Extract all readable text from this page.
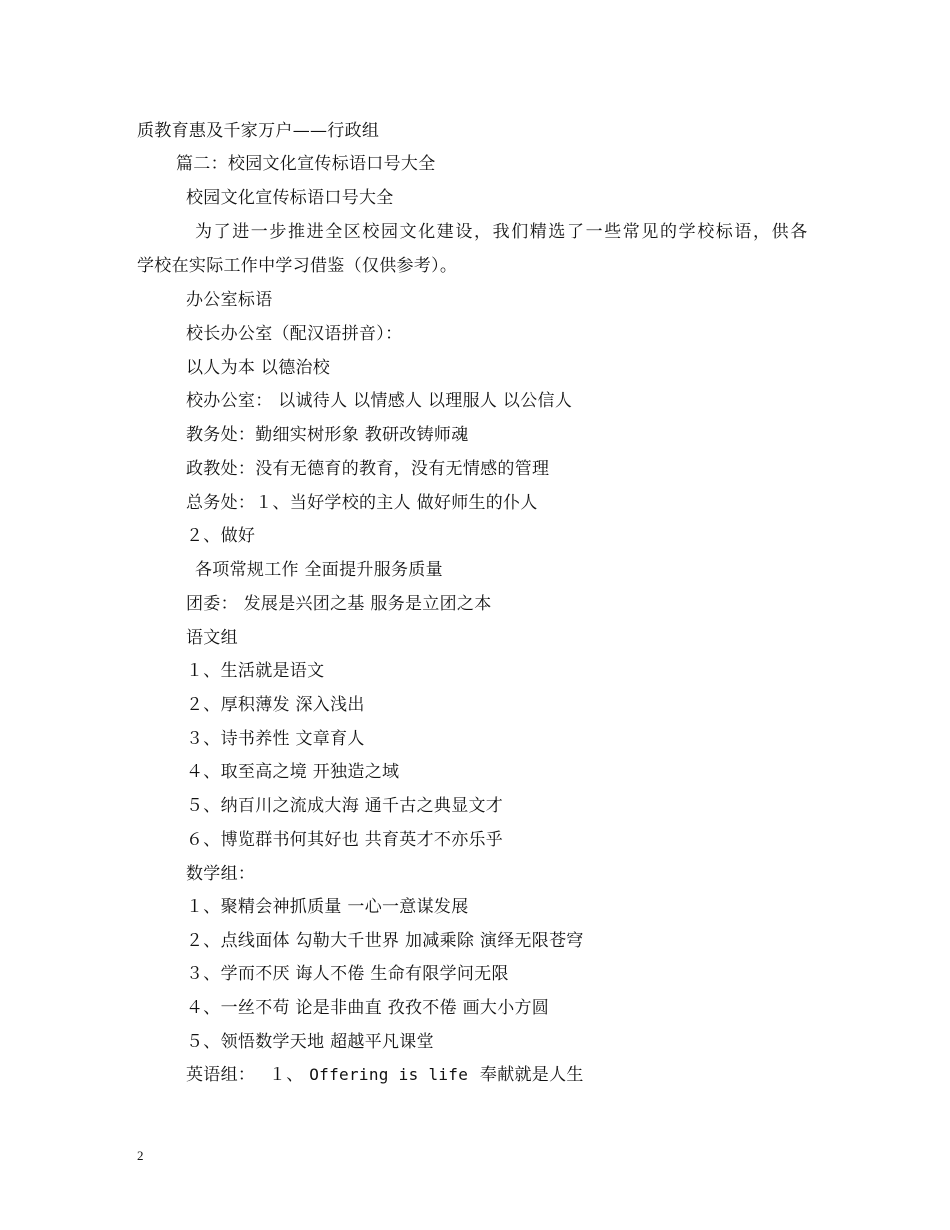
质教育惠及千家万户——行政组
篇二：校园文化宣传标语口号大全
校园文化宣传标语口号大全
为了进一步推进全区校园文化建设，我们精选了一些常见的学校标语，供各
学校在实际工作中学习借鉴（仅供参考）。
办公室标语
校长办公室（配汉语拼音）：
以人为本 以德治校
校办公室： 以诚待人 以情感人 以理服人 以公信人
教务处：勤细实树形象 教研改铸师魂
政教处：没有无德育的教育，没有无情感的管理
总务处：１、当好学校的主人 做好师生的仆人
２、做好
各项常规工作 全面提升服务质量
团委： 发展是兴团之基 服务是立团之本
语文组
１、生活就是语文
２、厚积薄发 深入浅出
３、诗书养性 文章育人
４、取至高之境 开独造之域
５、纳百川之流成大海 通千古之典显文才
６、博览群书何其好也 共育英才不亦乐乎
数学组：
１、聚精会神抓质量 一心一意谋发展
２、点线面体 勾勒大千世界 加减乘除 演绎无限苍穹
３、学而不厌 诲人不倦 生命有限学问无限
４、一丝不苟 论是非曲直 孜孜不倦 画大小方圆
５、领悟数学天地 超越平凡课堂
英语组： １、 Offering is life 奉献就是人生
2
